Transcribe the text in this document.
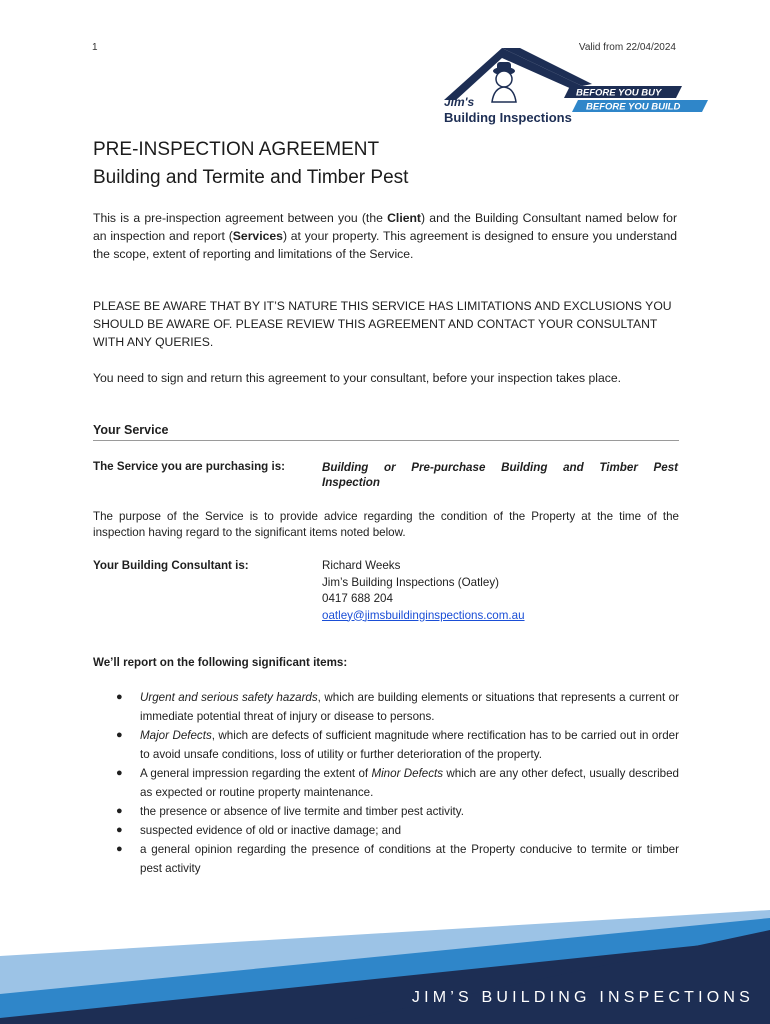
1	Valid from 22/04/2024
Jim's
Building Inspections
BEFORE YOU BUY
BEFORE YOU BUILD
PRE-INSPECTION AGREEMENT
Building and Termite and Timber Pest
This is a pre-inspection agreement between you (the Client) and the Building Consultant named below for an inspection and report (Services) at your property. This agreement is designed to ensure you understand the scope, extent of reporting and limitations of the Service.
PLEASE BE AWARE THAT BY IT’S NATURE THIS SERVICE HAS LIMITATIONS AND EXCLUSIONS YOU SHOULD BE AWARE OF. PLEASE REVIEW THIS AGREEMENT AND CONTACT YOUR CONSULTANT WITH ANY QUERIES.
You need to sign and return this agreement to your consultant, before your inspection takes place.
Your Service
The Service you are purchasing is:	Building or Pre-purchase Building and Timber Pest
Inspection
The purpose of the Service is to provide advice regarding the condition of the Property at the time of the inspection having regard to the significant items noted below.
Your Building Consultant is:	Richard Weeks
Jim’s Building Inspections (Oatley)
0417 688 204
oatley@jimsbuildinginspections.com.au
We’ll report on the following significant items:
● Urgent and serious safety hazards, which are building elements or situations that represents a current or immediate potential threat of injury or disease to persons.
● Major Defects, which are defects of sufficient magnitude where rectification has to be carried out in order to avoid unsafe conditions, loss of utility or further deterioration of the property.
● A general impression regarding the extent of Minor Defects which are any other defect, usually described as expected or routine property maintenance.
● the presence or absence of live termite and timber pest activity.
● suspected evidence of old or inactive damage; and
● a general opinion regarding the presence of conditions at the Property conducive to termite or timber pest activity
JIM’S BUILDING INSPECTIONS
